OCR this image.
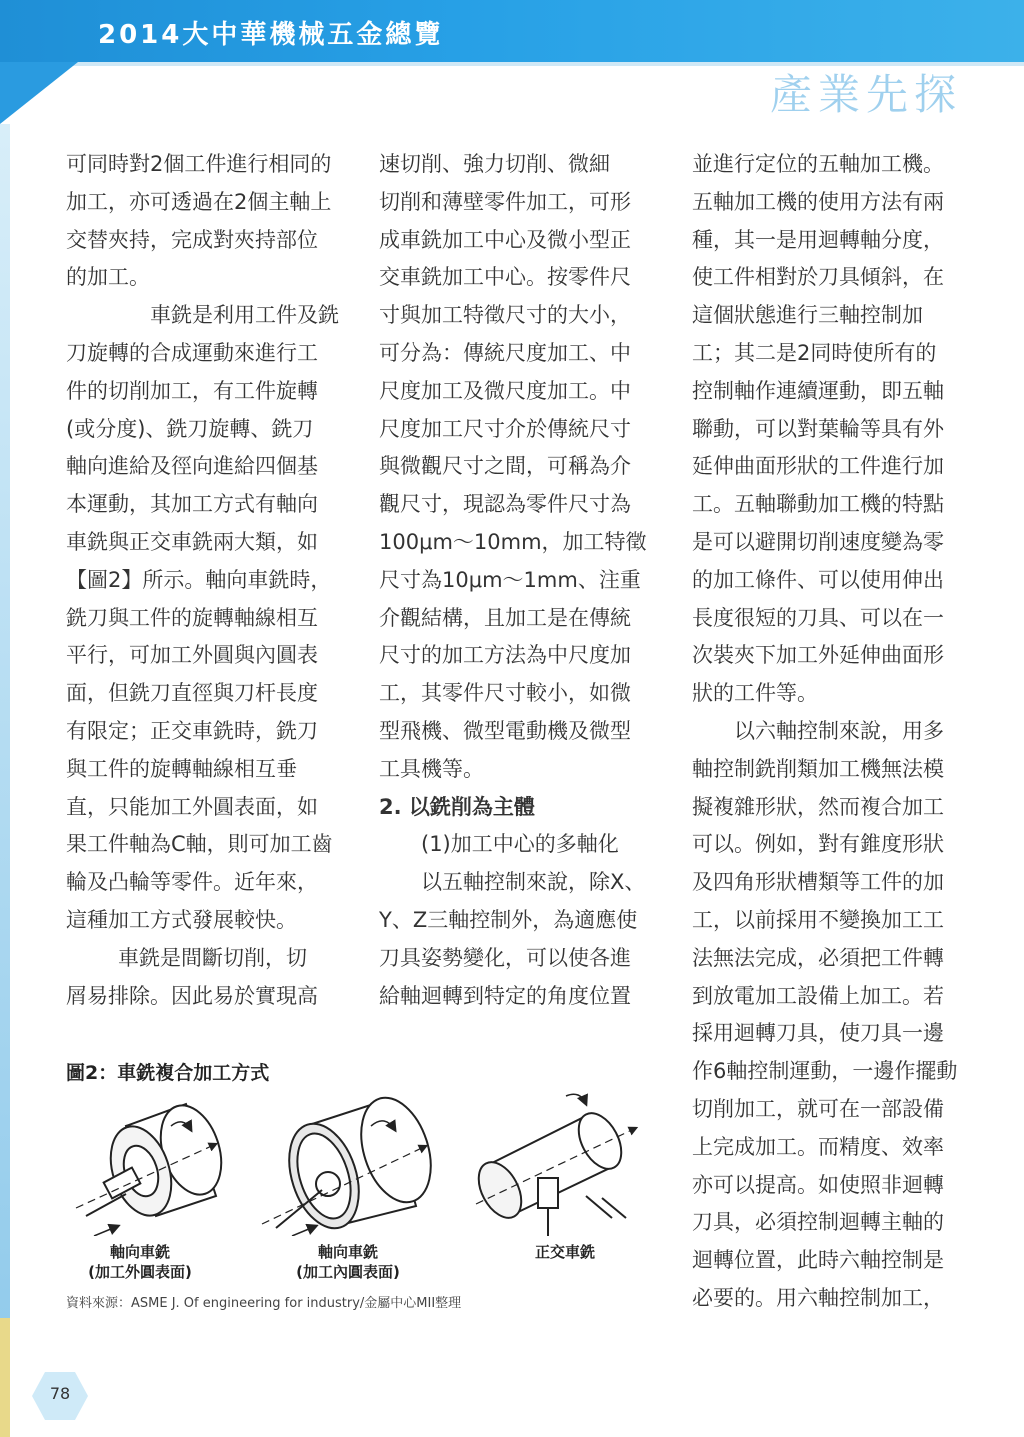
2014大中華機械五金總覽
產業先探

可同時對2個工件進行相同的
加工，亦可透過在2個主軸上
交替夾持，完成對夾持部位
的加工。

車銑是利用工件及銑
刀旋轉的合成運動來進行工
件的切削加工，有工件旋轉
(或分度)、銑刀旋轉、銑刀
軸向進給及徑向進給四個基
本運動，其加工方式有軸向
車銑與正交車銑兩大類，如
【圖2】所示。軸向車銑時，
銑刀與工件的旋轉軸線相互
平行，可加工外圓與內圓表
面，但銑刀直徑與刀杆長度
有限定；正交車銑時，銑刀
與工件的旋轉軸線相互垂
直，只能加工外圓表面，如
果工件軸為C軸，則可加工齒
輪及凸輪等零件。近年來，
這種加工方式發展較快。

車銑是間斷切削，切
屑易排除。因此易於實現高

速切削、強力切削、微細
切削和薄壁零件加工，可形
成車銑加工中心及微小型正
交車銑加工中心。按零件尺
寸與加工特徵尺寸的大小，
可分為：傳統尺度加工、中
尺度加工及微尺度加工。中
尺度加工尺寸介於傳統尺寸
與微觀尺寸之間，可稱為介
觀尺寸，現認為零件尺寸為
100μm～10mm，加工特徵
尺寸為10μm～1mm、注重
介觀結構，且加工是在傳統
尺寸的加工方法為中尺度加
工，其零件尺寸較小，如微
型飛機、微型電動機及微型
工具機等。

2. 以銑削為主體

(1)加工中心的多軸化

以五軸控制來說，除X、
Y、Z三軸控制外，為適應使
刀具姿勢變化，可以使各進
給軸迴轉到特定的角度位置

並進行定位的五軸加工機。
五軸加工機的使用方法有兩
種，其一是用迴轉軸分度，
使工件相對於刀具傾斜，在
這個狀態進行三軸控制加
工；其二是2同時使所有的
控制軸作連續運動，即五軸
聯動，可以對葉輪等具有外
延伸曲面形狀的工件進行加
工。五軸聯動加工機的特點
是可以避開切削速度變為零
的加工條件、可以使用伸出
長度很短的刀具、可以在一
次裝夾下加工外延伸曲面形
狀的工件等。

以六軸控制來說，用多
軸控制銑削類加工機無法模
擬複雜形狀，然而複合加工
可以。例如，對有錐度形狀
及四角形狀槽類等工件的加
工，以前採用不變換加工工
法無法完成，必須把工件轉
到放電加工設備上加工。若
採用迴轉刀具，使刀具一邊
作6軸控制運動，一邊作擺動
切削加工，就可在一部設備
上完成加工。而精度、效率
亦可以提高。如使照非迴轉
刀具，必須控制迴轉主軸的
迴轉位置，此時六軸控制是
必要的。用六軸控制加工，

圖2：車銑複合加工方式
軸向車銑
(加工外圓表面)
軸向車銑
(加工內圓表面)
正交車銑
資料來源：ASME J. Of engineering for industry/金屬中心MII整理
78
